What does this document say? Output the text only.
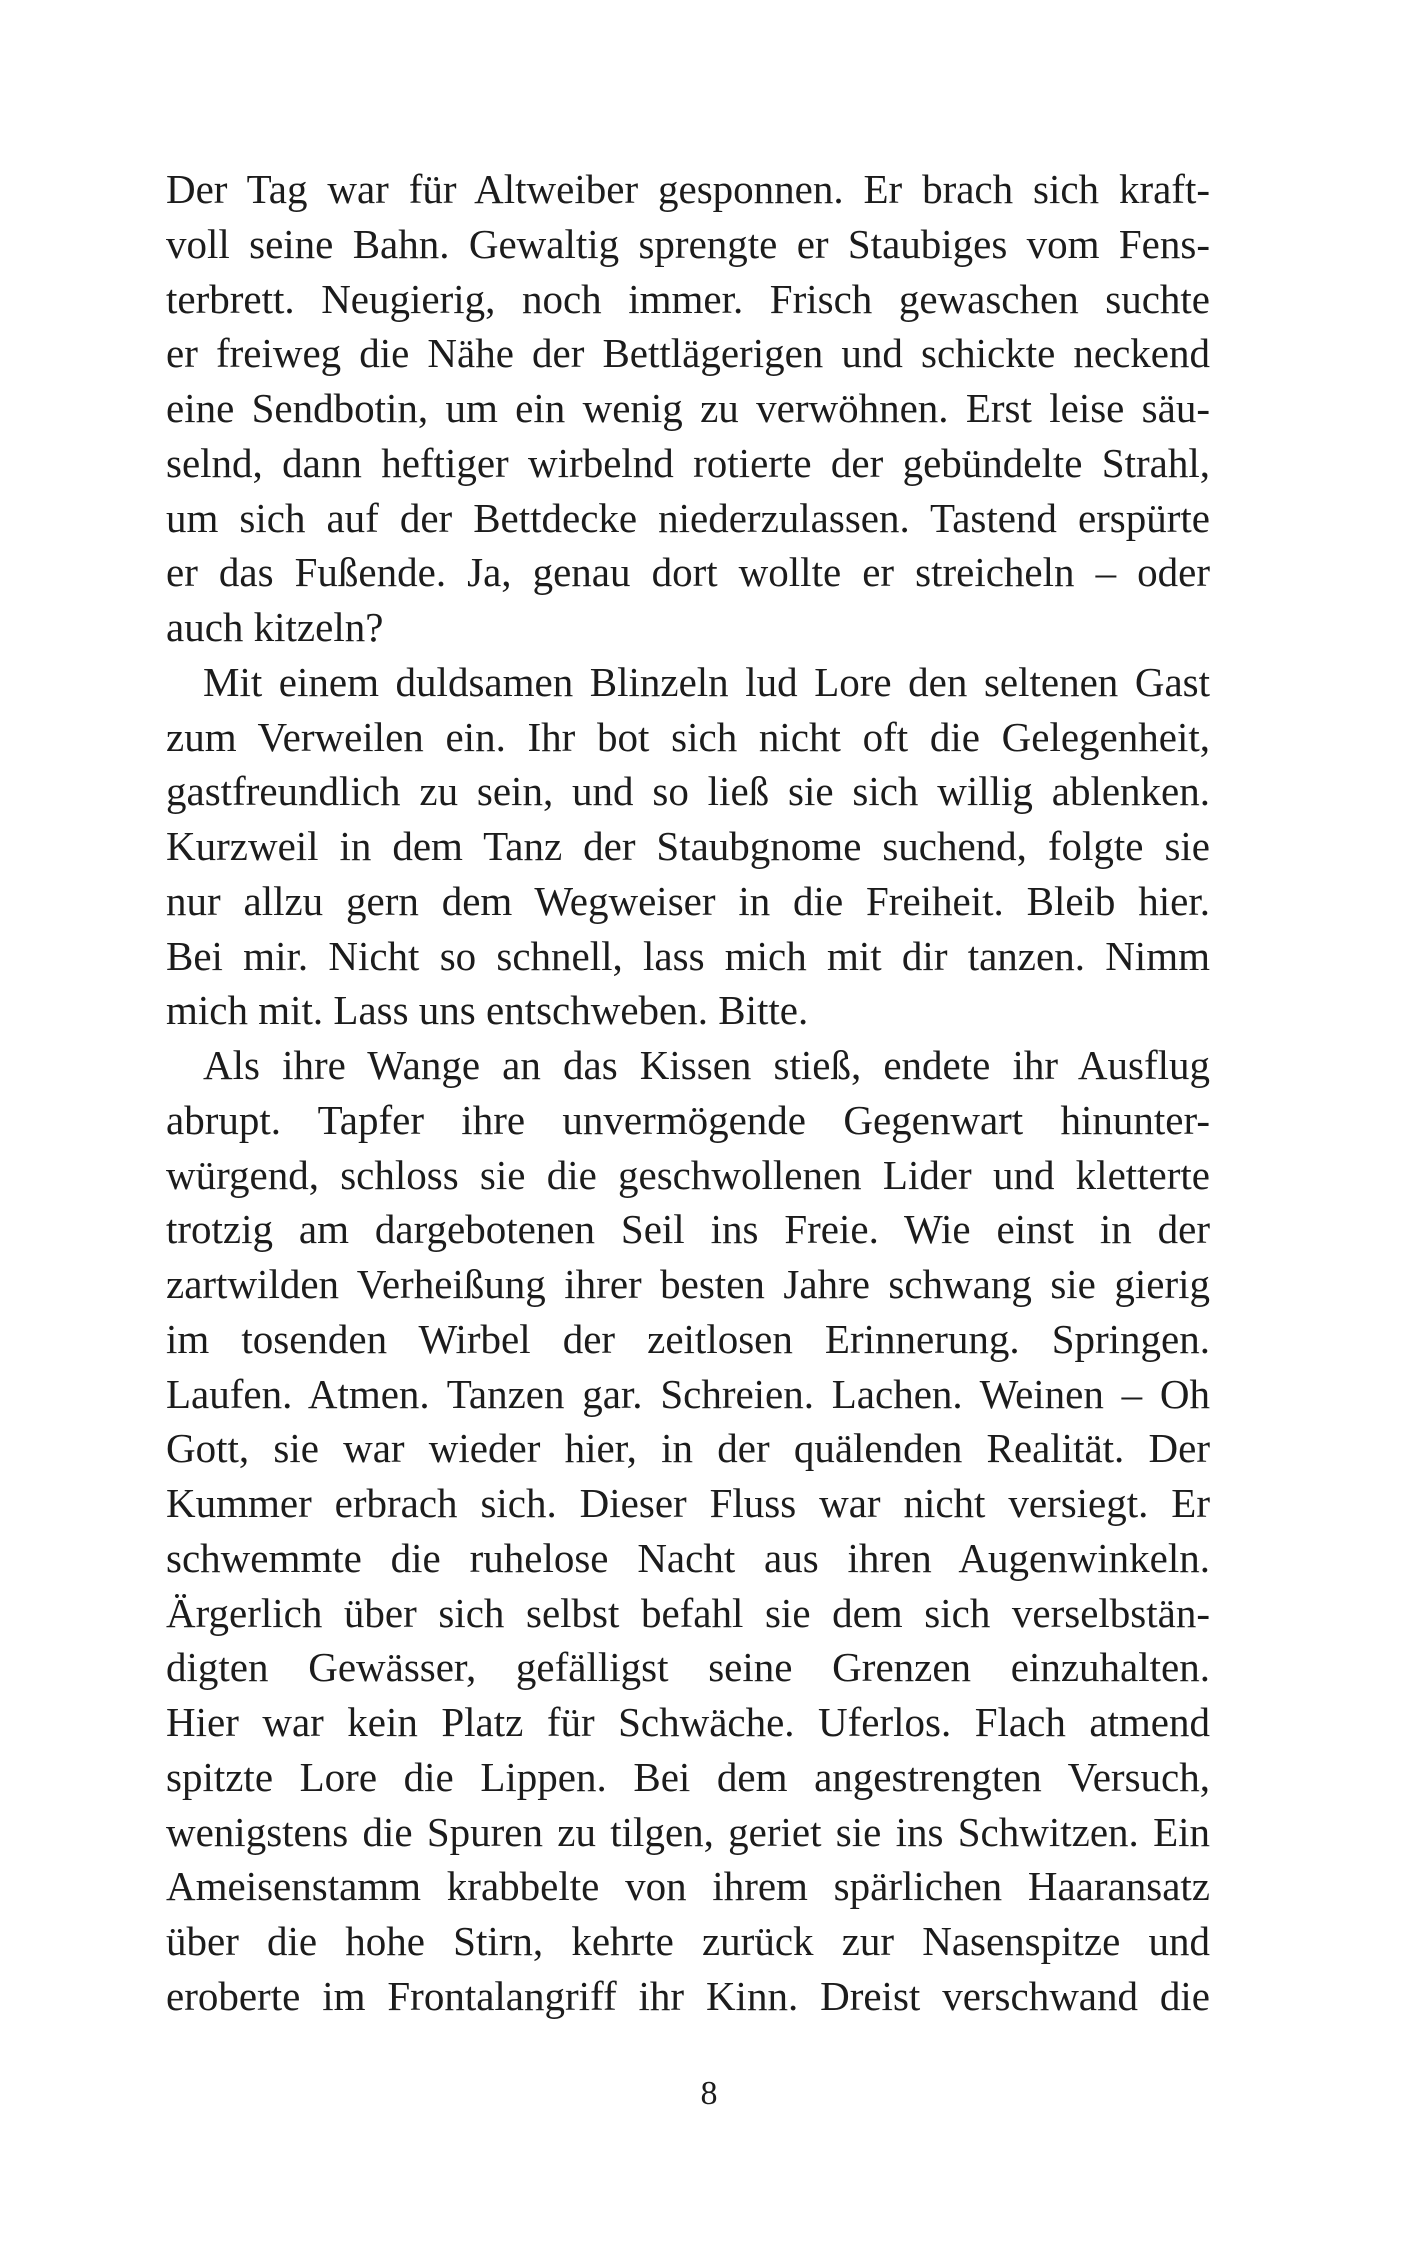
Der Tag war für Altweiber gesponnen. Er brach sich kraft-
voll seine Bahn. Gewaltig sprengte er Staubiges vom Fens-
terbrett. Neugierig, noch immer. Frisch gewaschen suchte
er freiweg die Nähe der Bettlägerigen und schickte neckend
eine Sendbotin, um ein wenig zu verwöhnen. Erst leise säu-
selnd, dann heftiger wirbelnd rotierte der gebündelte Strahl,
um sich auf der Bettdecke niederzulassen. Tastend erspürte
er das Fußende. Ja, genau dort wollte er streicheln – oder
auch kitzeln?
Mit einem duldsamen Blinzeln lud Lore den seltenen Gast
zum Verweilen ein. Ihr bot sich nicht oft die Gelegenheit,
gastfreundlich zu sein, und so ließ sie sich willig ablenken.
Kurzweil in dem Tanz der Staubgnome suchend, folgte sie
nur allzu gern dem Wegweiser in die Freiheit. Bleib hier.
Bei mir. Nicht so schnell, lass mich mit dir tanzen. Nimm
mich mit. Lass uns entschweben. Bitte.
Als ihre Wange an das Kissen stieß, endete ihr Ausflug
abrupt. Tapfer ihre unvermögende Gegenwart hinunter-
würgend, schloss sie die geschwollenen Lider und kletterte
trotzig am dargebotenen Seil ins Freie. Wie einst in der
zartwilden Verheißung ihrer besten Jahre schwang sie gierig
im tosenden Wirbel der zeitlosen Erinnerung. Springen.
Laufen. Atmen. Tanzen gar. Schreien. Lachen. Weinen – Oh
Gott, sie war wieder hier, in der quälenden Realität. Der
Kummer erbrach sich. Dieser Fluss war nicht versiegt. Er
schwemmte die ruhelose Nacht aus ihren Augenwinkeln.
Ärgerlich über sich selbst befahl sie dem sich verselbstän-
digten Gewässer, gefälligst seine Grenzen einzuhalten.
Hier war kein Platz für Schwäche. Uferlos. Flach atmend
spitzte Lore die Lippen. Bei dem angestrengten Versuch,
wenigstens die Spuren zu tilgen, geriet sie ins Schwitzen. Ein
Ameisenstamm krabbelte von ihrem spärlichen Haaransatz
über die hohe Stirn, kehrte zurück zur Nasenspitze und
eroberte im Frontalangriff ihr Kinn. Dreist verschwand die
8
